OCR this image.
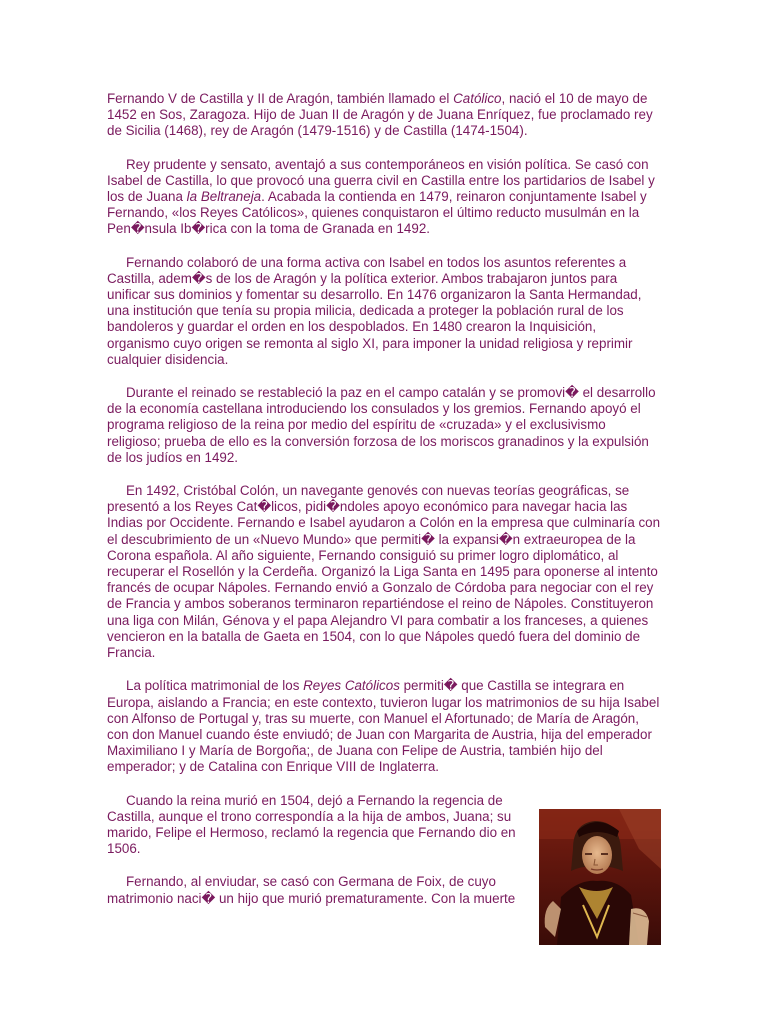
Fernando V de Castilla y II de Aragón, también llamado el Católico, nació el 10 de mayo de 1452 en Sos, Zaragoza. Hijo de Juan II de Aragón y de Juana Enríquez, fue proclamado rey de Sicilia (1468), rey de Aragón (1479-1516) y de Castilla (1474-1504).

Rey prudente y sensato, aventajó a sus contemporáneos en visión política. Se casó con Isabel de Castilla, lo que provocó una guerra civil en Castilla entre los partidarios de Isabel y los de Juana la Beltraneja. Acabada la contienda en 1479, reinaron conjuntamente Isabel y Fernando, «los Reyes Católicos», quienes conquistaron el último reducto musulmán en la Pen�nsula Ib�rica con la toma de Granada en 1492.

Fernando colaboró de una forma activa con Isabel en todos los asuntos referentes a Castilla, adem�s de los de Aragón y la política exterior. Ambos trabajaron juntos para unificar sus dominios y fomentar su desarrollo. En 1476 organizaron la Santa Hermandad, una institución que tenía su propia milicia, dedicada a proteger la población rural de los bandoleros y guardar el orden en los despoblados. En 1480 crearon la Inquisición, organismo cuyo origen se remonta al siglo XI, para imponer la unidad religiosa y reprimir cualquier disidencia.

Durante el reinado se restableció la paz en el campo catalán y se promovi� el desarrollo de la economía castellana introduciendo los consulados y los gremios. Fernando apoyó el programa religioso de la reina por medio del espíritu de «cruzada» y el exclusivismo religioso; prueba de ello es la conversión forzosa de los moriscos granadinos y la expulsión de los judíos en 1492.

En 1492, Cristóbal Colón, un navegante genovés con nuevas teorías geográficas, se presentó a los Reyes Cat�licos, pidi�ndoles apoyo económico para navegar hacia las Indias por Occidente. Fernando e Isabel ayudaron a Colón en la empresa que culminaría con el descubrimiento de un «Nuevo Mundo» que permiti� la expansi�n extraeuropea de la Corona española. Al año siguiente, Fernando consiguió su primer logro diplomático, al recuperar el Rosellón y la Cerdeña. Organizó la Liga Santa en 1495 para oponerse al intento francés de ocupar Nápoles. Fernando envió a Gonzalo de Córdoba para negociar con el rey de Francia y ambos soberanos terminaron repartiéndose el reino de Nápoles. Constituyeron una liga con Milán, Génova y el papa Alejandro VI para combatir a los franceses, a quienes vencieron en la batalla de Gaeta en 1504, con lo que Nápoles quedó fuera del dominio de Francia.

La política matrimonial de los Reyes Católicos permiti� que Castilla se integrara en Europa, aislando a Francia; en este contexto, tuvieron lugar los matrimonios de su hija Isabel con Alfonso de Portugal y, tras su muerte, con Manuel el Afortunado; de María de Aragón, con don Manuel cuando éste enviudó; de Juan con Margarita de Austria, hija del emperador Maximiliano I y María de Borgoña;, de Juana con Felipe de Austria, también hijo del emperador; y de Catalina con Enrique VIII de Inglaterra.

Cuando la reina murió en 1504, dejó a Fernando la regencia de Castilla, aunque el trono correspondía a la hija de ambos, Juana; su marido, Felipe el Hermoso, reclamó la regencia que Fernando dio en 1506.

Fernando, al enviudar, se casó con Germana de Foix, de cuyo matrimonio naci� un hijo que murió prematuramente. Con la muerte
